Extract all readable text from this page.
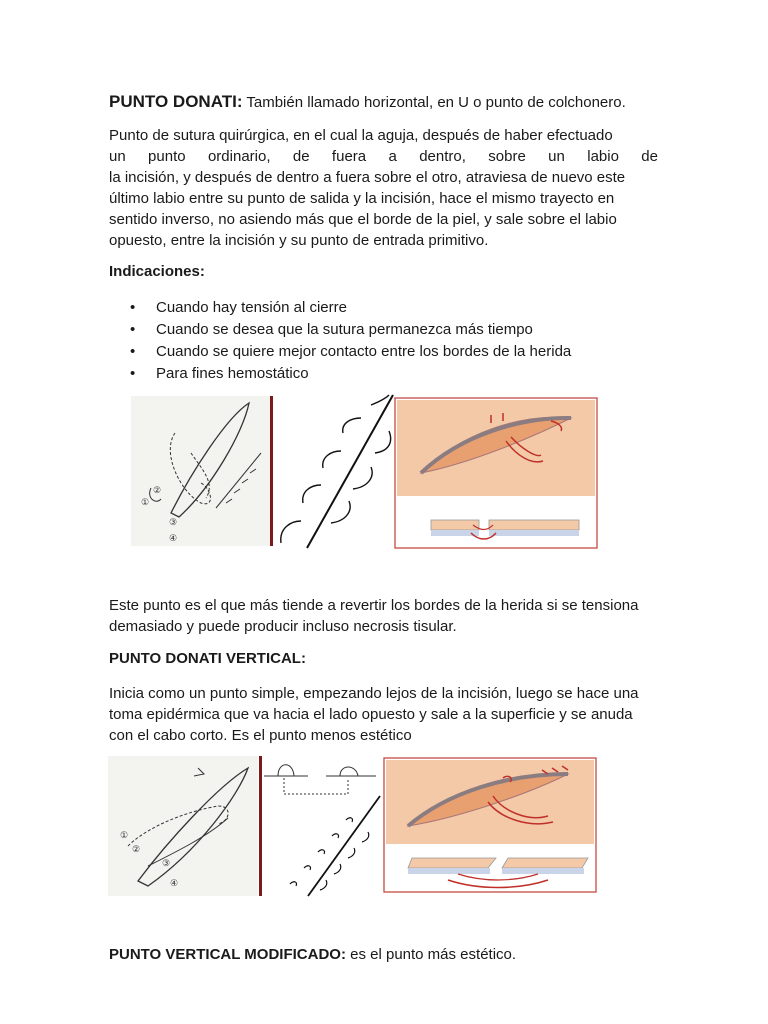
PUNTO DONATI: También llamado horizontal, en U o punto de colchonero.
Punto de sutura quirúrgica, en el cual la aguja, después de haber efectuado
un punto ordinario, de fuera a dentro, sobre un labio de
la incisión, y después de dentro a fuera sobre el otro, atraviesa de nuevo este
último labio entre su punto de salida y la incisión, hace el mismo trayecto en
sentido inverso, no asiendo más que el borde de la piel, y sale sobre el labio
opuesto, entre la incisión y su punto de entrada primitivo.
Indicaciones:
• Cuando hay tensión al cierre
• Cuando se desea que la sutura permanezca más tiempo
• Cuando se quiere mejor contacto entre los bordes de la herida
• Para fines hemostático
①
②
③
④
Este punto es el que más tiende a revertir los bordes de la herida si se tensiona
demasiado y puede producir incluso necrosis tisular.
PUNTO DONATI VERTICAL:
Inicia como un punto simple, empezando lejos de la incisión, luego se hace una
toma epidérmica que va hacia el lado opuesto y sale a la superficie y se anuda
con el cabo corto. Es el punto menos estético
①
②
③
④
PUNTO VERTICAL MODIFICADO: es el punto más estético.
